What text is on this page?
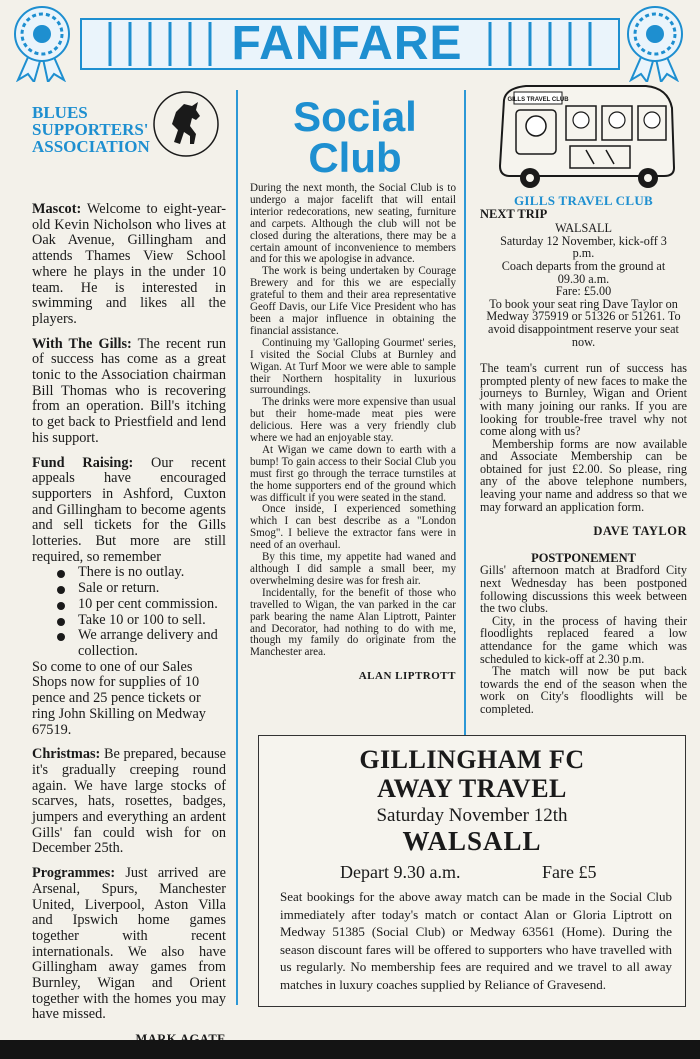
FANFARE
BLUES
SUPPORTERS'
ASSOCIATION

Mascot: Welcome to eight-year-old Kevin Nicholson who lives at Oak Avenue, Gillingham and attends Thames View School where he plays in the under 10 team. He is interested in swimming and likes all the players.

With The Gills: The recent run of success has come as a great tonic to the Association chairman Bill Thomas who is recovering from an operation. Bill's itching to get back to Priestfield and lend his support.

Fund Raising: Our recent appeals have encouraged supporters in Ashford, Cuxton and Gillingham to become agents and sell tickets for the Gills lotteries. But more are still required, so remember

There is no outlay.
Sale or return.
10 per cent commission.
Take 10 or 100 to sell.
We arrange delivery and collection.

So come to one of our Sales Shops now for supplies of 10 pence and 25 pence tickets or ring John Skilling on Medway 67519.

Christmas: Be prepared, because it's gradually creeping round again. We have large stocks of scarves, hats, rosettes, badges, jumpers and everything an ardent Gills' fan could wish for on December 25th.

Programmes: Just arrived are Arsenal, Spurs, Manchester United, Liverpool, Aston Villa and Ipswich home games together with recent internationals. We also have Gillingham away games from Burnley, Wigan and Orient together with the homes you may have missed.

Social
Club

During the next month, the Social Club is to undergo a major facelift that will entail interior redecorations, new seating, furniture and carpets. Although the club will not be closed during the alterations, there may be a certain amount of inconvenience to members and for this we apologise in advance.

The work is being undertaken by Courage Brewery and for this we are especially grateful to them and their area representative Geoff Davis, our Life Vice President who has been a major influence in obtaining the financial assistance.

Continuing my 'Galloping Gourmet' series, I visited the Social Clubs at Burnley and Wigan. At Turf Moor we were able to sample their Northern hospitality in luxurious surroundings.

The drinks were more expensive than usual but their home-made meat pies were delicious. Here was a very friendly club where we had an enjoyable stay.

At Wigan we came down to earth with a bump! To gain access to their Social Club you must first go through the terrace turnstiles at the home supporters end of the ground which was difficult if you were seated in the stand.

Once inside, I experienced something which I can best describe as a "London Smog". I believe the extractor fans were in need of an overhaul.

By this time, my appetite had waned and although I did sample a small beer, my overwhelming desire was for fresh air.

Incidentally, for the benefit of those who travelled to Wigan, the van parked in the car park bearing the name Alan Liptrott, Painter and Decorator, had nothing to do with me, though my family do originate from the Manchester area.

ALAN LIPTROTT
GILLS TRAVEL CLUB
GILLS TRAVEL CLUB
NEXT TRIP

WALSALL

Saturday 12 November, kick-off 3 p.m.

Coach departs from the ground at 09.30 a.m.

Fare: £5.00

To book your seat ring Dave Taylor on Medway 375919 or 51326 or 51261. To avoid disappointment reserve your seat now.

The team's current run of success has prompted plenty of new faces to make the journeys to Burnley, Wigan and Orient with many joining our ranks. If you are looking for trouble-free travel why not come along with us?

Membership forms are now available and Associate Membership can be obtained for just £2.00. So please, ring any of the above telephone numbers, leaving your name and address so that we may forward an application form.

DAVE TAYLOR
POSTPONEMENT

Gills' afternoon match at Bradford City next Wednesday has been postponed following discussions this week between the two clubs.

City, in the process of having their floodlights replaced feared a low attendance for the game which was scheduled to kick-off at 2.30 p.m.

The match will now be put back towards the end of the season when the work on City's floodlights will be completed.

GILLINGHAM FC
AWAY TRAVEL
Saturday November 12th
WALSALL
Depart 9.30 a.m.	Fare £5
Seat bookings for the above away match can be made in the Social Club immediately after today's match or contact Alan or Gloria Liptrott on Medway 51385 (Social Club) or Medway 63561 (Home). During the season discount fares will be offered to supporters who have travelled with us regularly. No membership fees are required and we travel to all away matches in luxury coaches supplied by Reliance of Gravesend.
